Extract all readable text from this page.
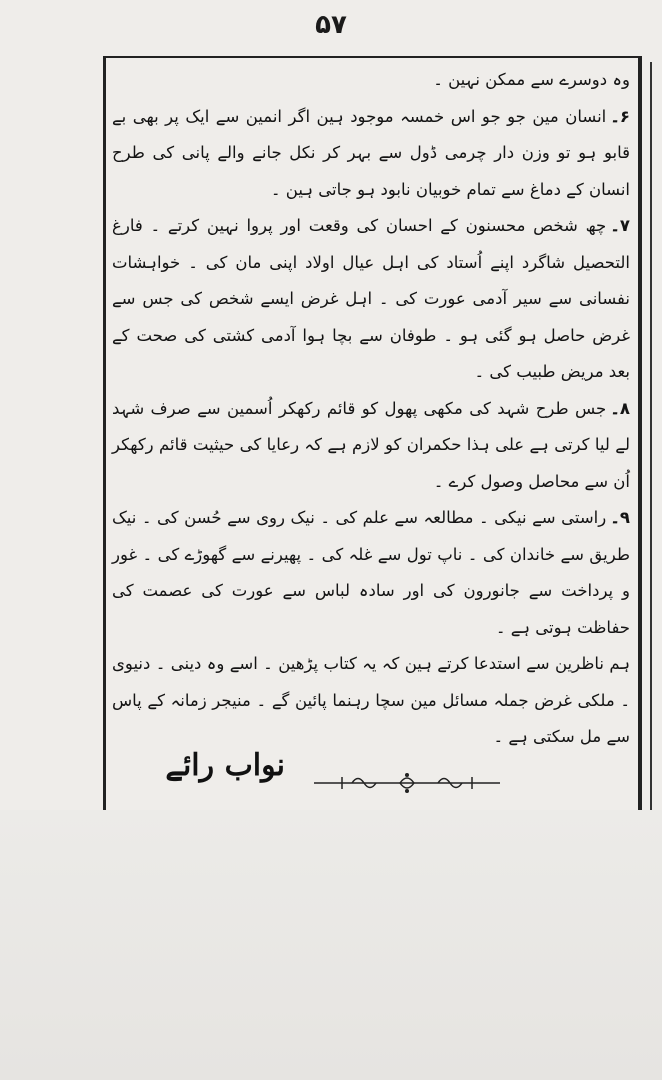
۵۷

وہ دوسرے سے ممکن نہین ۔

۶۔انسان مین جو جو اس خمسہ موجود ہین اگر انمین سے ایک پر بھی بے قابو ہو تو وزن دار چرمی ڈول سے بہر کر نکل جانے والے پانی کی طرح انسان کے دماغ سے تمام خوبیان نابود ہو جاتی ہین ۔

۷۔چھ شخص محسنون کے احسان کی وقعت اور پروا نہین کرتے ۔ فارغ التحصیل شاگرد اپنے اُستاد کی اہل عیال اولاد اپنی مان کی ۔ خواہشات نفسانی سے سیر آدمی عورت کی ۔ اہل غرض ایسے شخص کی جس سے غرض حاصل ہو گئی ہو ۔ طوفان سے بچا ہوا آدمی کشتی کی صحت کے بعد مریض طبیب کی ۔

۸۔جس طرح شہد کی مکھی پھول کو قائم رکھکر اُسمین سے صرف شہد لے لیا کرتی ہے علی ہذا حکمران کو لازم ہے کہ رعایا کی حیثیت قائم رکھکر اُن سے محاصل وصول کرے ۔

۹۔راستی سے نیکی ۔ مطالعہ سے علم کی ۔ نیک روی سے حُسن کی ۔ نیک طریق سے خاندان کی ۔ ناپ تول سے غلہ کی ۔ پھیرنے سے گھوڑے کی ۔ غور و پرداخت سے جانورون کی اور سادہ لباس سے عورت کی عصمت کی حفاظت ہوتی ہے ۔

ہم ناظرین سے استدعا کرتے ہین کہ یہ کتاب پڑھین ۔ اسے وہ دینی ۔ دنیوی ۔ ملکی غرض جملہ مسائل مین سچا رہنما پائین گے ۔ منیجر زمانہ کے پاس سے مل سکتی ہے ۔

نواب رائے
